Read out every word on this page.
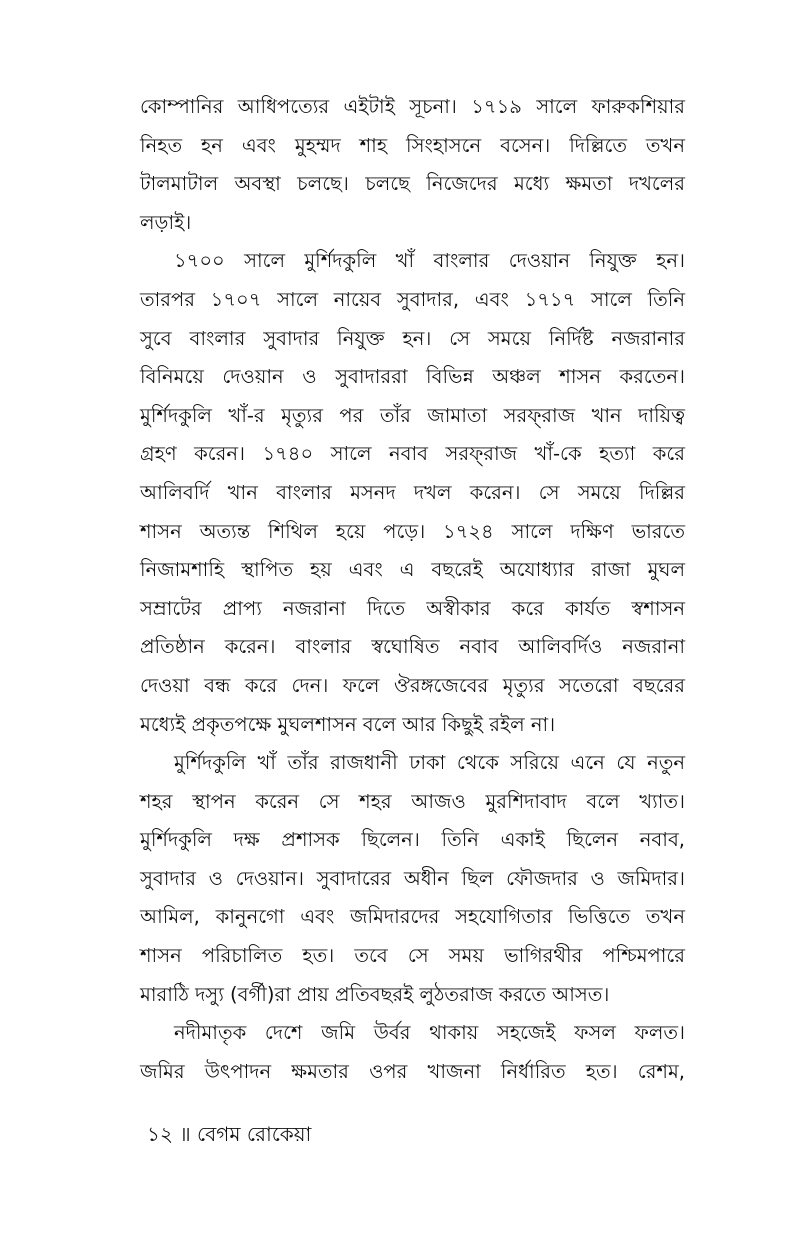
কোম্পানির আধিপত্যের এইটাই সূচনা। ১৭১৯ সালে ফারুকশিয়ার
নিহত হন এবং মুহম্মদ শাহ সিংহাসনে বসেন। দিল্লিতে তখন
টালমাটাল অবস্থা চলছে। চলছে নিজেদের মধ্যে ক্ষমতা দখলের
লড়াই।
১৭০০ সালে মুর্শিদকুলি খাঁ বাংলার দেওয়ান নিযুক্ত হন।
তারপর ১৭০৭ সালে নায়েব সুবাদার, এবং ১৭১৭ সালে তিনি
সুবে বাংলার সুবাদার নিযুক্ত হন। সে সময়ে নির্দিষ্ট নজরানার
বিনিময়ে দেওয়ান ও সুবাদাররা বিভিন্ন অঞ্চল শাসন করতেন।
মুর্শিদকুলি খাঁ-র মৃত্যুর পর তাঁর জামাতা সরফ্‌রাজ খান দায়িত্ব
গ্রহণ করেন। ১৭৪০ সালে নবাব সরফ্‌রাজ খাঁ-কে হত্যা করে
আলিবর্দি খান বাংলার মসনদ দখল করেন। সে সময়ে দিল্লির
শাসন অত্যন্ত শিথিল হয়ে পড়ে। ১৭২৪ সালে দক্ষিণ ভারতে
নিজামশাহি স্থাপিত হয় এবং এ বছরেই অযোধ্যার রাজা মুঘল
সম্রাটের প্রাপ্য নজরানা দিতে অস্বীকার করে কার্যত স্বশাসন
প্রতিষ্ঠান করেন। বাংলার স্বঘোষিত নবাব আলিবর্দিও নজরানা
দেওয়া বন্ধ করে দেন। ফলে ঔরঙ্গজেবের মৃত্যুর সতেরো বছরের
মধ্যেই প্রকৃতপক্ষে মুঘলশাসন বলে আর কিছুই রইল না।
মুর্শিদকুলি খাঁ তাঁর রাজধানী ঢাকা থেকে সরিয়ে এনে যে নতুন
শহর স্থাপন করেন সে শহর আজও মুরশিদাবাদ বলে খ্যাত।
মুর্শিদকুলি দক্ষ প্রশাসক ছিলেন। তিনি একাই ছিলেন নবাব,
সুবাদার ও দেওয়ান। সুবাদারের অধীন ছিল ফৌজদার ও জমিদার।
আমিল, কানুনগো এবং জমিদারদের সহযোগিতার ভিত্তিতে তখন
শাসন পরিচালিত হত। তবে সে সময় ভাগিরথীর পশ্চিমপারে
মারাঠি দস্যু (বর্গী)রা প্রায় প্রতিবছরই লুঠতরাজ করতে আসত।
নদীমাতৃক দেশে জমি উর্বর থাকায় সহজেই ফসল ফলত।
জমির উৎপাদন ক্ষমতার ওপর খাজনা নির্ধারিত হত। রেশম,
১২ ॥ বেগম রোকেয়া
